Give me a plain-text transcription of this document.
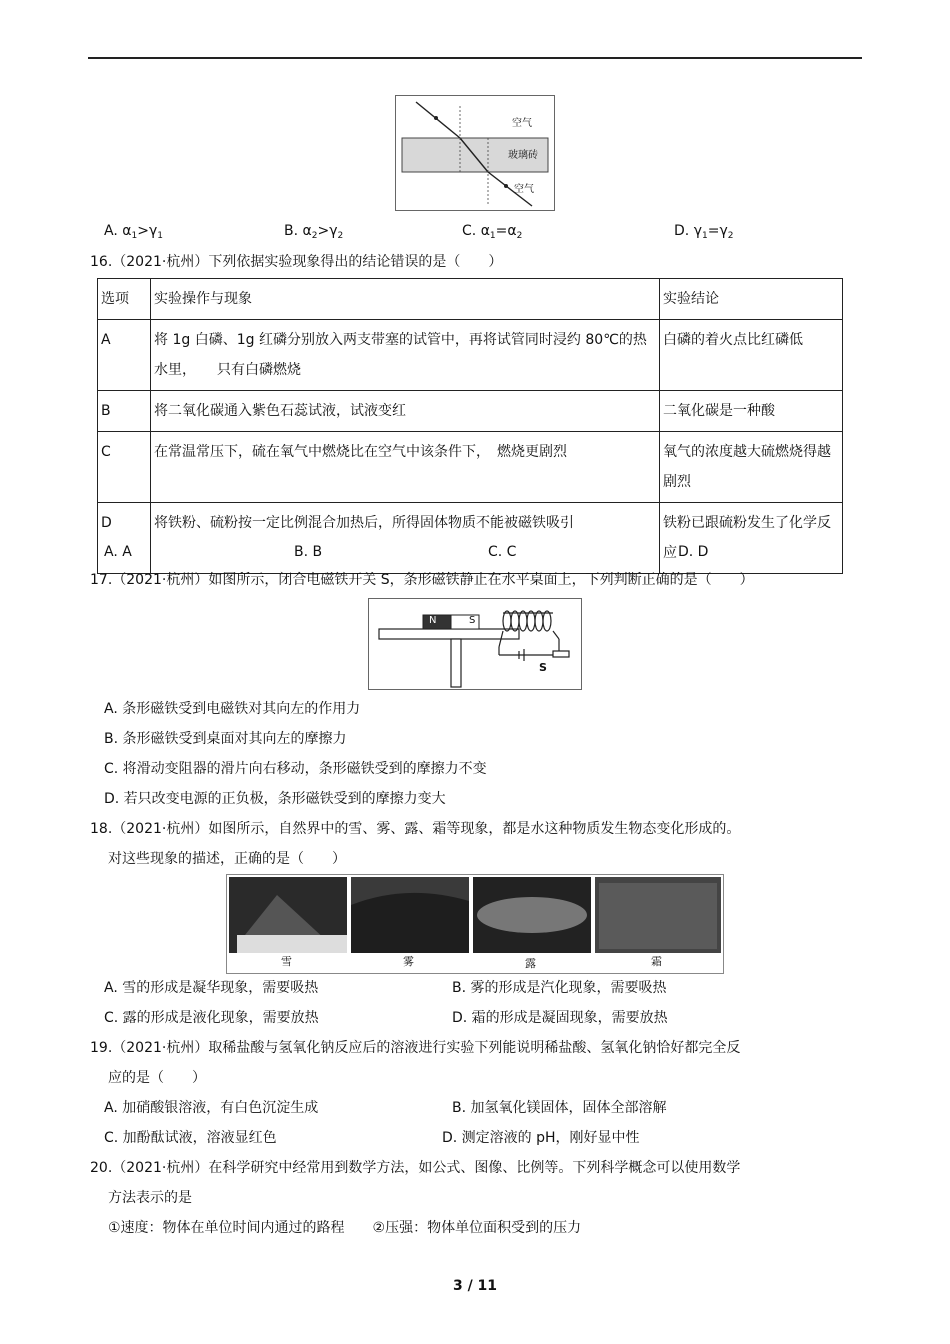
空气
玻璃砖
空气
A. $\alpha_1>\gamma_1$	B. $\alpha_2>\gamma_2$	C. $\alpha_1=\alpha_2$	D. $\gamma_1=\gamma_2$
16.（2021·杭州）下列依据实验现象得出的结论错误的是（　　）
选项	实验操作与现象	实验结论
A	将 1g 白磷、1g 红磷分别放入两支带塞的试管中，再将试管同时浸约 80℃的热水里，　　只有白磷燃烧	白磷的着火点比红磷低
B	将二氧化碳通入紫色石蕊试液，试液变红	二氧化碳是一种酸
C	在常温常压下，硫在氧气中燃烧比在空气中该条件下，　燃烧更剧烈	氧气的浓度越大硫燃烧得越剧烈
D	将铁粉、硫粉按一定比例混合加热后，所得固体物质不能被磁铁吸引	铁粉已跟硫粉发生了化学反应
A. A	B. B	C. C	D. D
17.（2021·杭州）如图所示，闭合电磁铁开关 S，条形磁铁静止在水平桌面上，下列判断正确的是（　　）
N	S
S
A. 条形磁铁受到电磁铁对其向左的作用力
B. 条形磁铁受到桌面对其向左的摩擦力
C. 将滑动变阻器的滑片向右移动，条形磁铁受到的摩擦力不变
D. 若只改变电源的正负极，条形磁铁受到的摩擦力变大
18.（2021·杭州）如图所示，自然界中的雪、雾、露、霜等现象，都是水这种物质发生物态变化形成的。
对这些现象的描述，正确的是（　　）
雪	雾	露	霜
A. 雪的形成是凝华现象，需要吸热	B. 雾的形成是汽化现象，需要吸热
C. 露的形成是液化现象，需要放热	D. 霜的形成是凝固现象，需要放热
19.（2021·杭州）取稀盐酸与氢氧化钠反应后的溶液进行实验下列能说明稀盐酸、氢氧化钠恰好都完全反
应的是（　　）
A. 加硝酸银溶液，有白色沉淀生成	B. 加氢氧化镁固体，固体全部溶解
C. 加酚酞试液，溶液显红色	D. 测定溶液的 pH，刚好显中性
20.（2021·杭州）在科学研究中经常用到数学方法，如公式、图像、比例等。下列科学概念可以使用数学
方法表示的是
①速度：物体在单位时间内通过的路程　　②压强：物体单位面积受到的压力
3 / 11
